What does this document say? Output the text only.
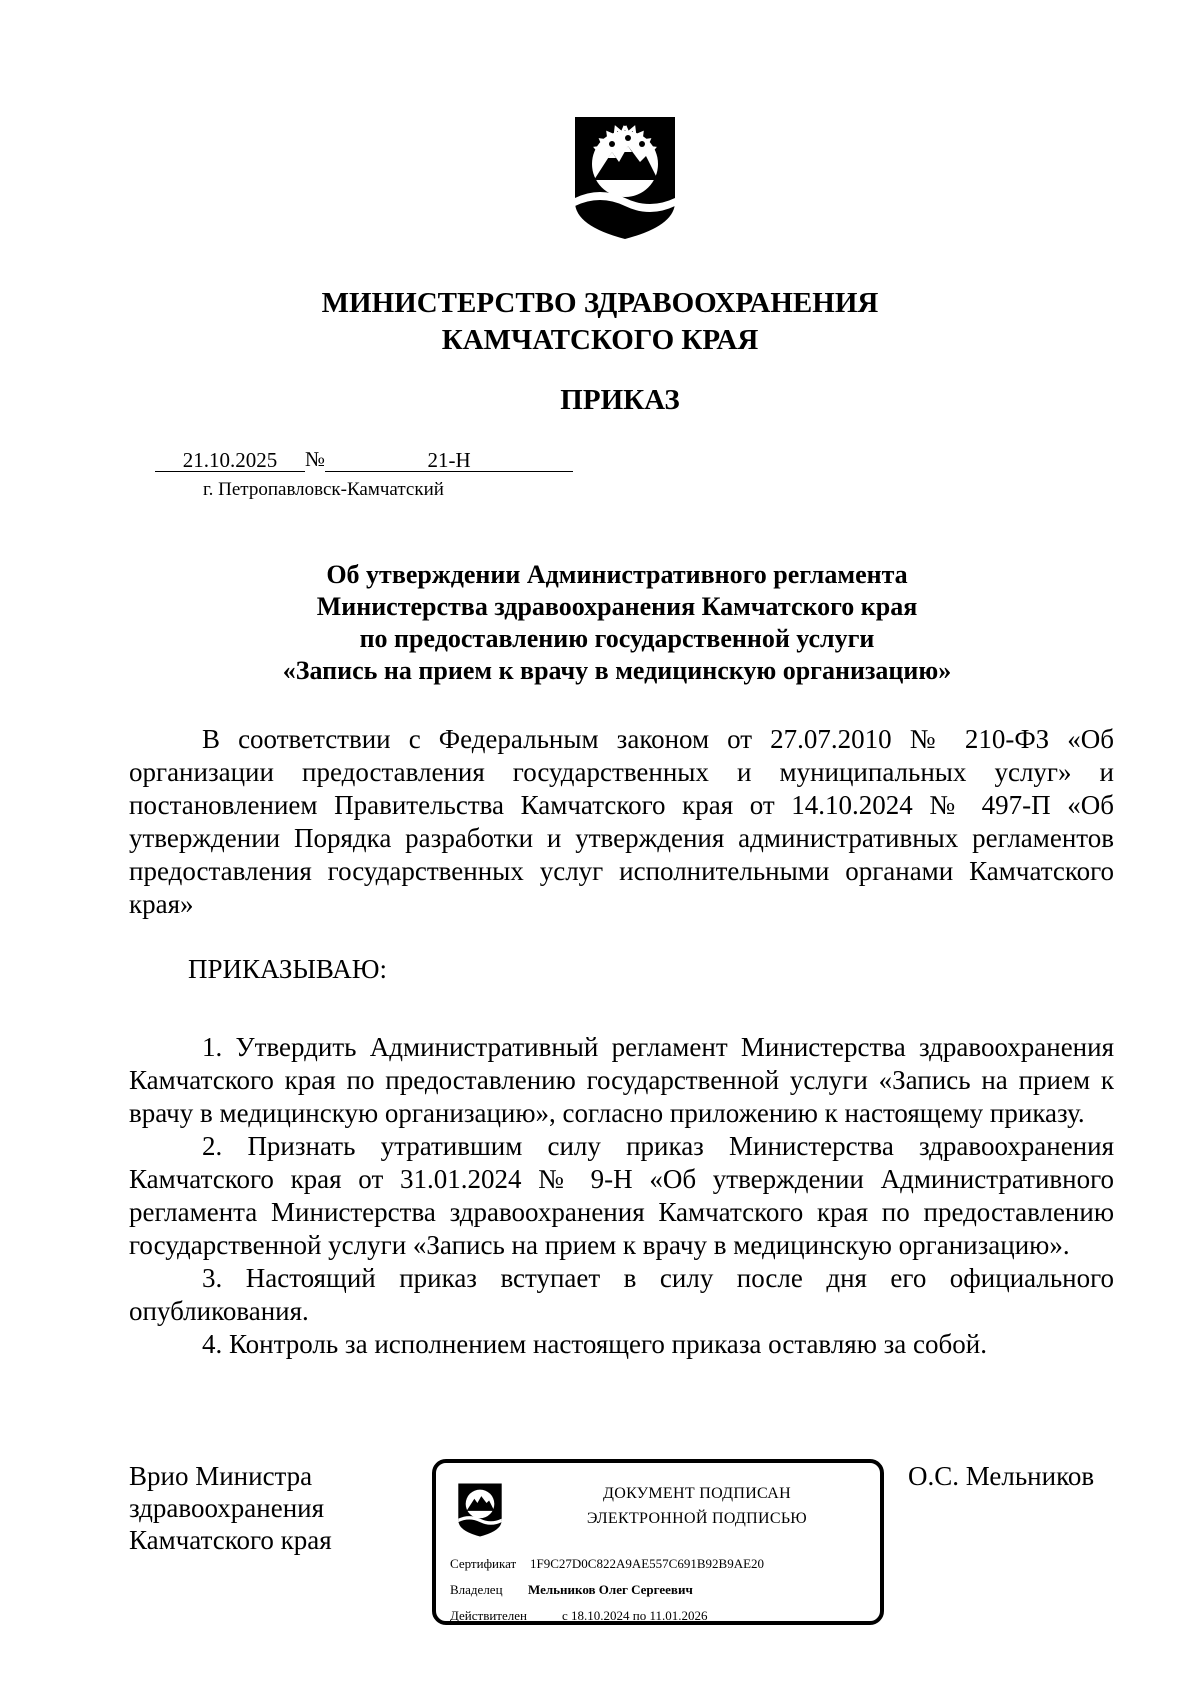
МИНИСТЕРСТВО ЗДРАВООХРАНЕНИЯ
КАМЧАТСКОГО КРАЯ
ПРИКАЗ
21.10.2025 №	21-Н
г. Петропавловск-Камчатский
Об утверждении Административного регламента
Министерства здравоохранения Камчатского края
по предоставлению государственной услуги
«Запись на прием к врачу в медицинскую организацию»

В соответствии с Федеральным законом от 27.07.2010 № 210-ФЗ «Об организации предоставления государственных и муниципальных услуг» и постановлением Правительства Камчатского края от 14.10.2024 № 497-П «Об утверждении Порядка разработки и утверждения административных регламентов предоставления государственных услуг исполнительными органами Камчатского края»

ПРИКАЗЫВАЮ:

1. Утвердить Административный регламент Министерства здравоохранения Камчатского края по предоставлению государственной услуги «Запись на прием к врачу в медицинскую организацию», согласно приложению к настоящему приказу.

2. Признать утратившим силу приказ Министерства здравоохранения Камчатского края от 31.01.2024 № 9-Н «Об утверждении Административного регламента Министерства здравоохранения Камчатского края по предоставлению государственной услуги «Запись на прием к врачу в медицинскую организацию».

3. Настоящий приказ вступает в силу после дня его официального опубликования.

4. Контроль за исполнением настоящего приказа оставляю за собой.

Врио Министра
здравоохранения
Камчатского края
ДОКУМЕНТ ПОДПИСАН
ЭЛЕКТРОННОЙ ПОДПИСЬЮ
Сертификат 1F9C27D0C822A9AE557C691B92B9AE20
Владелец Мельников Олег Сергеевич
Действителен	с 18.10.2024 по 11.01.2026
О.С. Мельников
